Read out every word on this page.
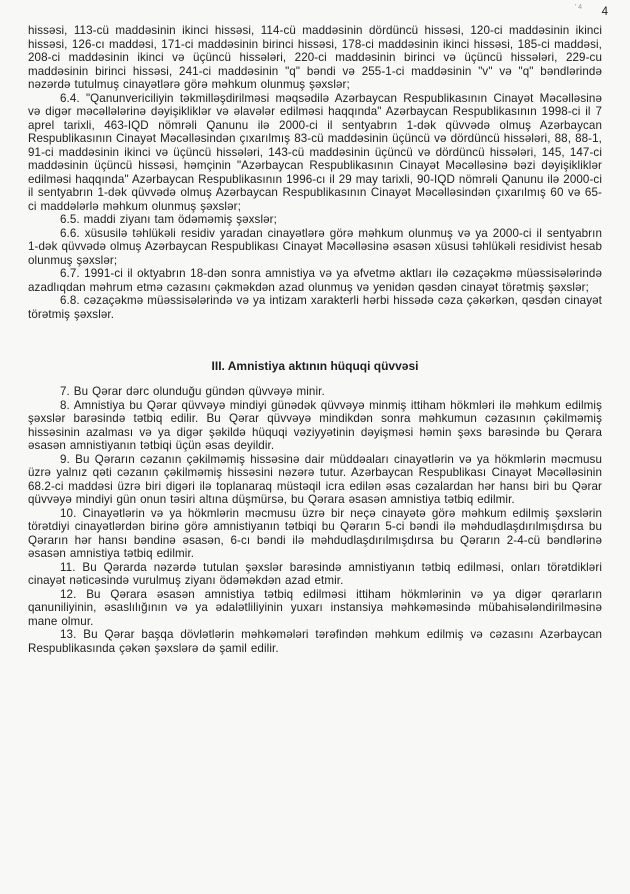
' 4 4

hissəsi, 113-cü maddəsinin ikinci hissəsi, 114-cü maddəsinin dördüncü hissəsi, 120-ci maddəsinin ikinci hissəsi, 126-cı maddəsi, 171-ci maddəsinin birinci hissəsi, 178-ci maddəsinin ikinci hissəsi, 185-ci maddəsi, 208-ci maddəsinin ikinci və üçüncü hissələri, 220-ci maddəsinin birinci və üçüncü hissələri, 229-cu maddəsinin birinci hissəsi, 241-ci maddəsinin "q" bəndi və 255-1-ci maddəsinin "v" və "q" bəndlərində nəzərdə tutulmuş cinayətlərə görə məhkum olunmuş şəxslər;

6.4. "Qanunvericiliyin təkmilləşdirilməsi məqsədilə Azərbaycan Respublikasının Cinayət Məcəlləsinə və digər məcəllələrinə dəyişikliklər və əlavələr edilməsi haqqında" Azərbaycan Respublikasının 1998-ci il 7 aprel tarixli, 463-IQD nömrəli Qanunu ilə 2000-ci il sentyabrın 1-dək qüvvədə olmuş Azərbaycan Respublikasının Cinayət Məcəlləsindən çıxarılmış 83-cü maddəsinin üçüncü və dördüncü hissələri, 88, 88-1, 91-ci maddəsinin ikinci və üçüncü hissələri, 143-cü maddəsinin üçüncü və dördüncü hissələri, 145, 147-ci maddəsinin üçüncü hissəsi, həmçinin "Azərbaycan Respublikasının Cinayət Məcəlləsinə bəzi dəyişikliklər edilməsi haqqında" Azərbaycan Respublikasının 1996-cı il 29 may tarixli, 90-IQD nömrəli Qanunu ilə 2000-ci il sentyabrın 1-dək qüvvədə olmuş Azərbaycan Respublikasının Cinayət Məcəlləsindən çıxarılmış 60 və 65-ci maddələrlə məhkum olunmuş şəxslər;

6.5. maddi ziyanı tam ödəməmiş şəxslər;

6.6. xüsusilə təhlükəli residiv yaradan cinayətlərə görə məhkum olunmuş və ya 2000-ci il sentyabrın 1-dək qüvvədə olmuş Azərbaycan Respublikası Cinayət Məcəlləsinə əsasən xüsusi təhlükəli residivist hesab olunmuş şəxslər;

6.7. 1991-ci il oktyabrın 18-dən sonra amnistiya və ya əfvetmə aktları ilə cəzaçəkmə müəssisələrində azadlıqdan məhrum etmə cəzasını çəkməkdən azad olunmuş və yenidən qəsdən cinayət törətmiş şəxslər;

6.8. cəzaçəkmə müəssisələrində və ya intizam xarakterli hərbi hissədə cəza çəkərkən, qəsdən cinayət törətmiş şəxslər.

III. Amnistiya aktının hüquqi qüvvəsi

7. Bu Qərar dərc olunduğu gündən qüvvəyə minir.

8. Amnistiya bu Qərar qüvvəyə mindiyi günədək qüvvəyə minmiş ittiham hökmləri ilə məhkum edilmiş şəxslər barəsində tətbiq edilir. Bu Qərar qüvvəyə mindikdən sonra məhkumun cəzasının çəkilməmiş hissəsinin azalması və ya digər şəkildə hüquqi vəziyyətinin dəyişməsi həmin şəxs barəsində bu Qərara əsasən amnistiyanın tətbiqi üçün əsas deyildir.

9. Bu Qərarın cəzanın çəkilməmiş hissəsinə dair müddəaları cinayətlərin və ya hökmlərin məcmusu üzrə yalnız qəti cəzanın çəkilməmiş hissəsini nəzərə tutur. Azərbaycan Respublikası Cinayət Məcəlləsinin 68.2-ci maddəsi üzrə biri digəri ilə toplanaraq müstəqil icra edilən əsas cəzalardan hər hansı biri bu Qərar qüvvəyə mindiyi gün onun təsiri altına düşmürsə, bu Qərara əsasən amnistiya tətbiq edilmir.

10. Cinayətlərin və ya hökmlərin məcmusu üzrə bir neçə cinayətə görə məhkum edilmiş şəxslərin törətdiyi cinayətlərdən birinə görə amnistiyanın tətbiqi bu Qərarın 5-ci bəndi ilə məhdudlaşdırılmışdırsa bu Qərarın hər hansı bəndinə əsasən, 6-cı bəndi ilə məhdudlaşdırılmışdırsa bu Qərarın 2-4-cü bəndlərinə əsasən amnistiya tətbiq edilmir.

11. Bu Qərarda nəzərdə tutulan şəxslər barəsində amnistiyanın tətbiq edilməsi, onları törətdikləri cinayət nəticəsində vurulmuş ziyanı ödəməkdən azad etmir.

12. Bu Qərara əsasən amnistiya tətbiq edilməsi ittiham hökmlərinin və ya digər qərarların qanuniliyinin, əsaslılığının və ya ədalətliliyinin yuxarı instansiya məhkəməsində mübahisələndirilməsinə mane olmur.

13. Bu Qərar başqa dövlətlərin məhkəmələri tərəfindən məhkum edilmiş və cəzasını Azərbaycan Respublikasında çəkən şəxslərə də şamil edilir.
